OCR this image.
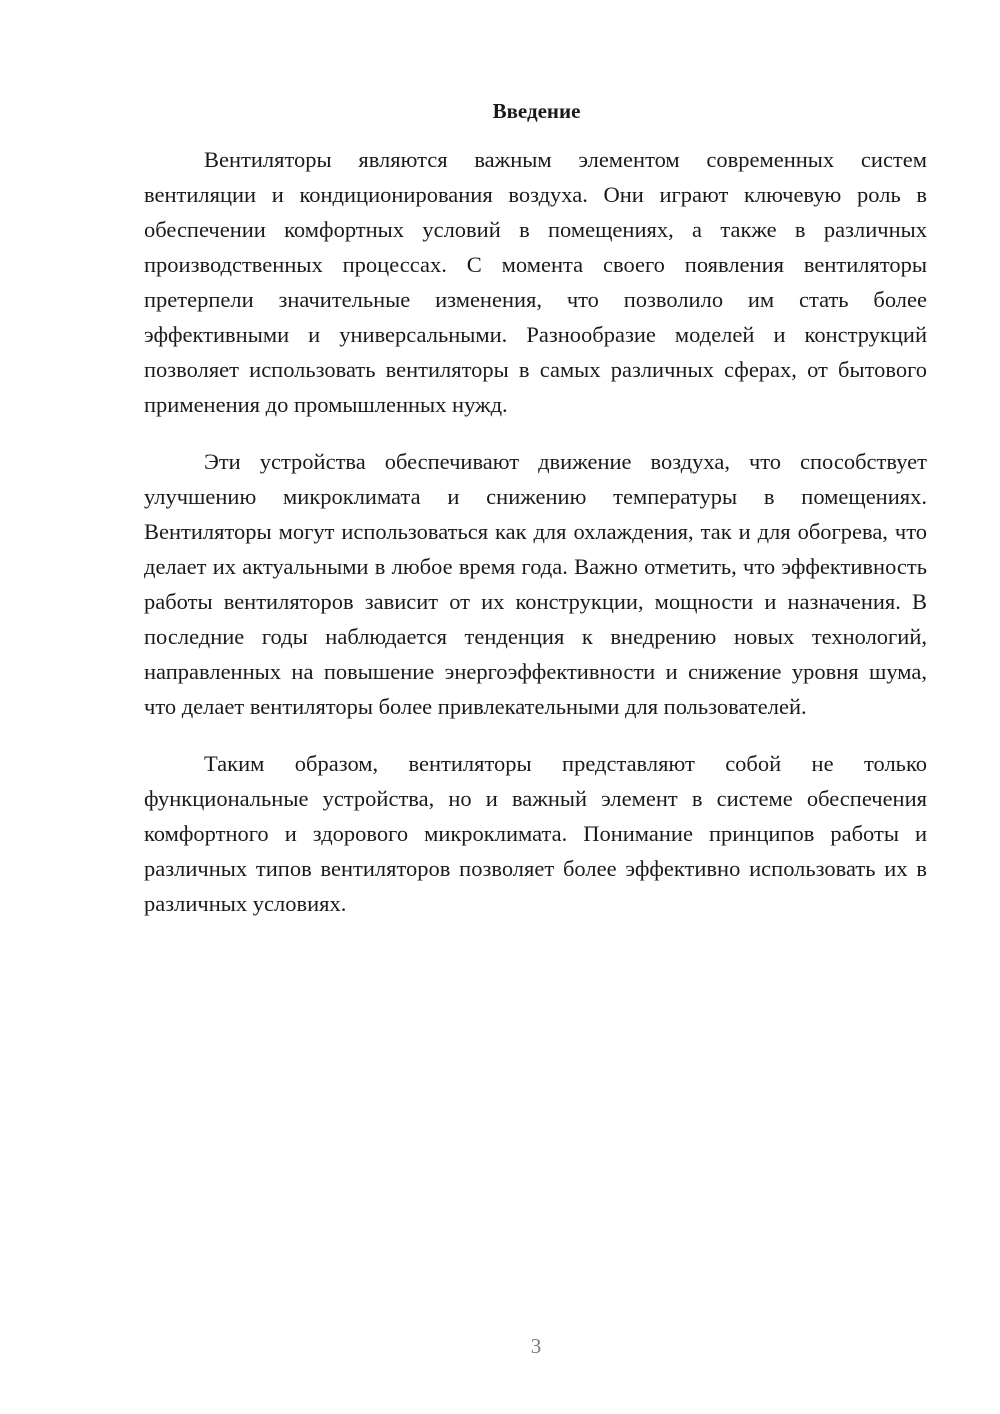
Введение

Вентиляторы являются важным элементом современных систем вентиляции и кондиционирования воздуха. Они играют ключевую роль в обеспечении комфортных условий в помещениях, а также в различных производственных процессах. С момента своего появления вентиляторы претерпели значительные изменения, что позволило им стать более эффективными и универсальными. Разнообразие моделей и конструкций позволяет использовать вентиляторы в самых различных сферах, от бытового применения до промышленных нужд.

Эти устройства обеспечивают движение воздуха, что способствует улучшению микроклимата и снижению температуры в помещениях. Вентиляторы могут использоваться как для охлаждения, так и для обогрева, что делает их актуальными в любое время года. Важно отметить, что эффективность работы вентиляторов зависит от их конструкции, мощности и назначения. В последние годы наблюдается тенденция к внедрению новых технологий, направленных на повышение энергоэффективности и снижение уровня шума, что делает вентиляторы более привлекательными для пользователей.

Таким образом, вентиляторы представляют собой не только функциональные устройства, но и важный элемент в системе обеспечения комфортного и здорового микроклимата. Понимание принципов работы и различных типов вентиляторов позволяет более эффективно использовать их в различных условиях.

3
